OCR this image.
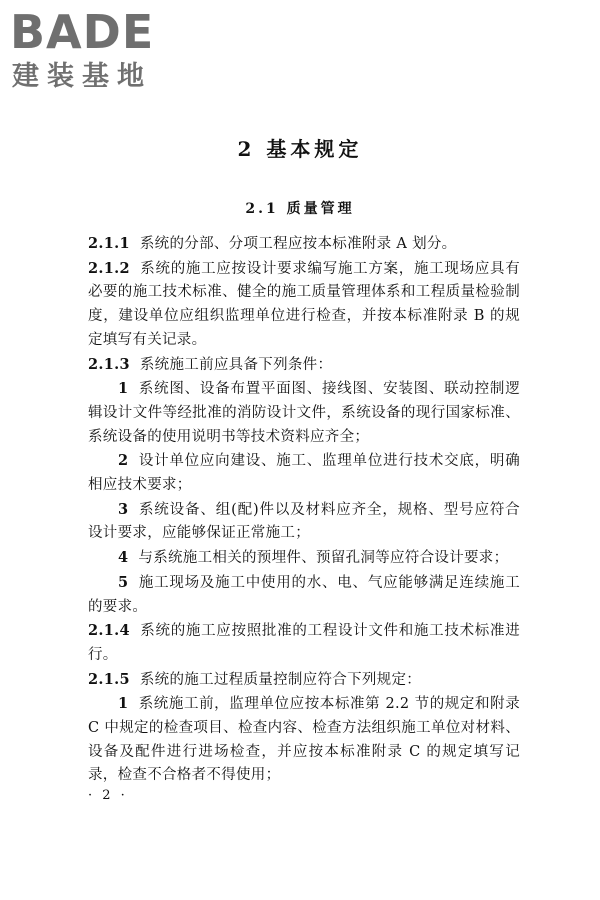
BADE
建装基地
2 基本规定
2.1 质量管理

2.1.1 系统的分部、分项工程应按本标准附录 A 划分。

2.1.2 系统的施工应按设计要求编写施工方案，施工现场应具有必要的施工技术标准、健全的施工质量管理体系和工程质量检验制度，建设单位应组织监理单位进行检查，并按本标准附录 B 的规定填写有关记录。

2.1.3 系统施工前应具备下列条件：

1 系统图、设备布置平面图、接线图、安装图、联动控制逻辑设计文件等经批准的消防设计文件，系统设备的现行国家标准、系统设备的使用说明书等技术资料应齐全；

2 设计单位应向建设、施工、监理单位进行技术交底，明确相应技术要求；

3 系统设备、组(配)件以及材料应齐全，规格、型号应符合设计要求，应能够保证正常施工；

4 与系统施工相关的预埋件、预留孔洞等应符合设计要求；

5 施工现场及施工中使用的水、电、气应能够满足连续施工的要求。

2.1.4 系统的施工应按照批准的工程设计文件和施工技术标准进行。

2.1.5 系统的施工过程质量控制应符合下列规定：

1 系统施工前，监理单位应按本标准第 2.2 节的规定和附录 C 中规定的检查项目、检查内容、检查方法组织施工单位对材料、设备及配件进行进场检查，并应按本标准附录 C 的规定填写记录，检查不合格者不得使用；

· 2 ·
